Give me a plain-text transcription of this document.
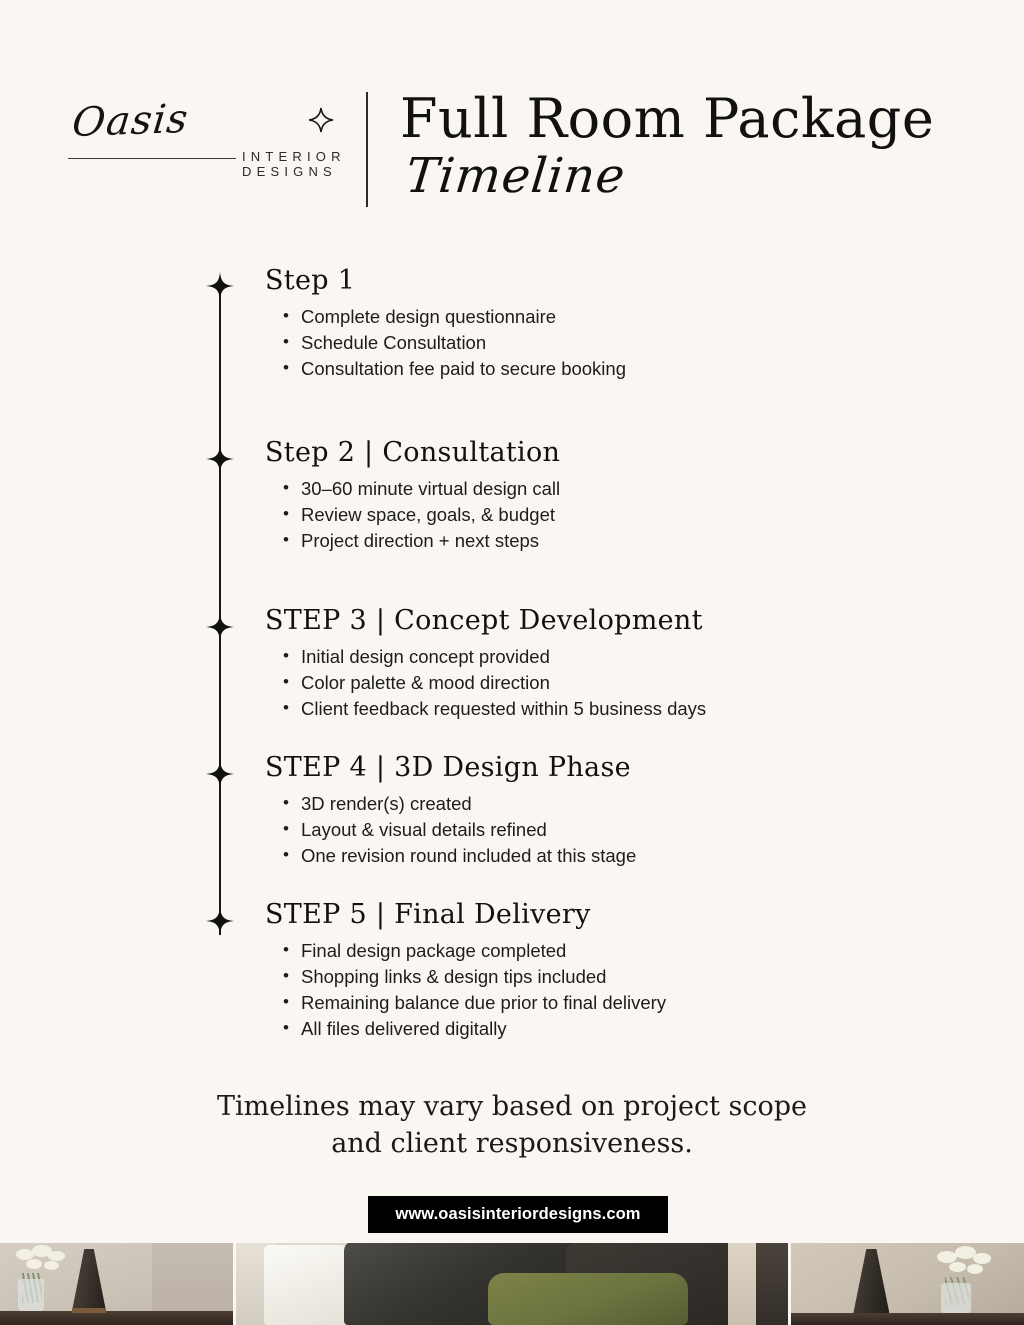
Oasis
INTERIOR DESIGNS
Full Room Package
Timeline
Step 1
• Complete design questionnaire
• Schedule Consultation
• Consultation fee paid to secure booking
Step 2 | Consultation
• 30–60 minute virtual design call
• Review space, goals, & budget
• Project direction + next steps
STEP 3 | Concept Development
• Initial design concept provided
• Color palette & mood direction
• Client feedback requested within 5 business days
STEP 4 | 3D Design Phase
• 3D render(s) created
• Layout & visual details refined
• One revision round included at this stage
STEP 5 | Final Delivery
• Final design package completed
• Shopping links & design tips included
• Remaining balance due prior to final delivery
• All files delivered digitally
Timelines may vary based on project scope
and client responsiveness.
www.oasisinteriordesigns.com
